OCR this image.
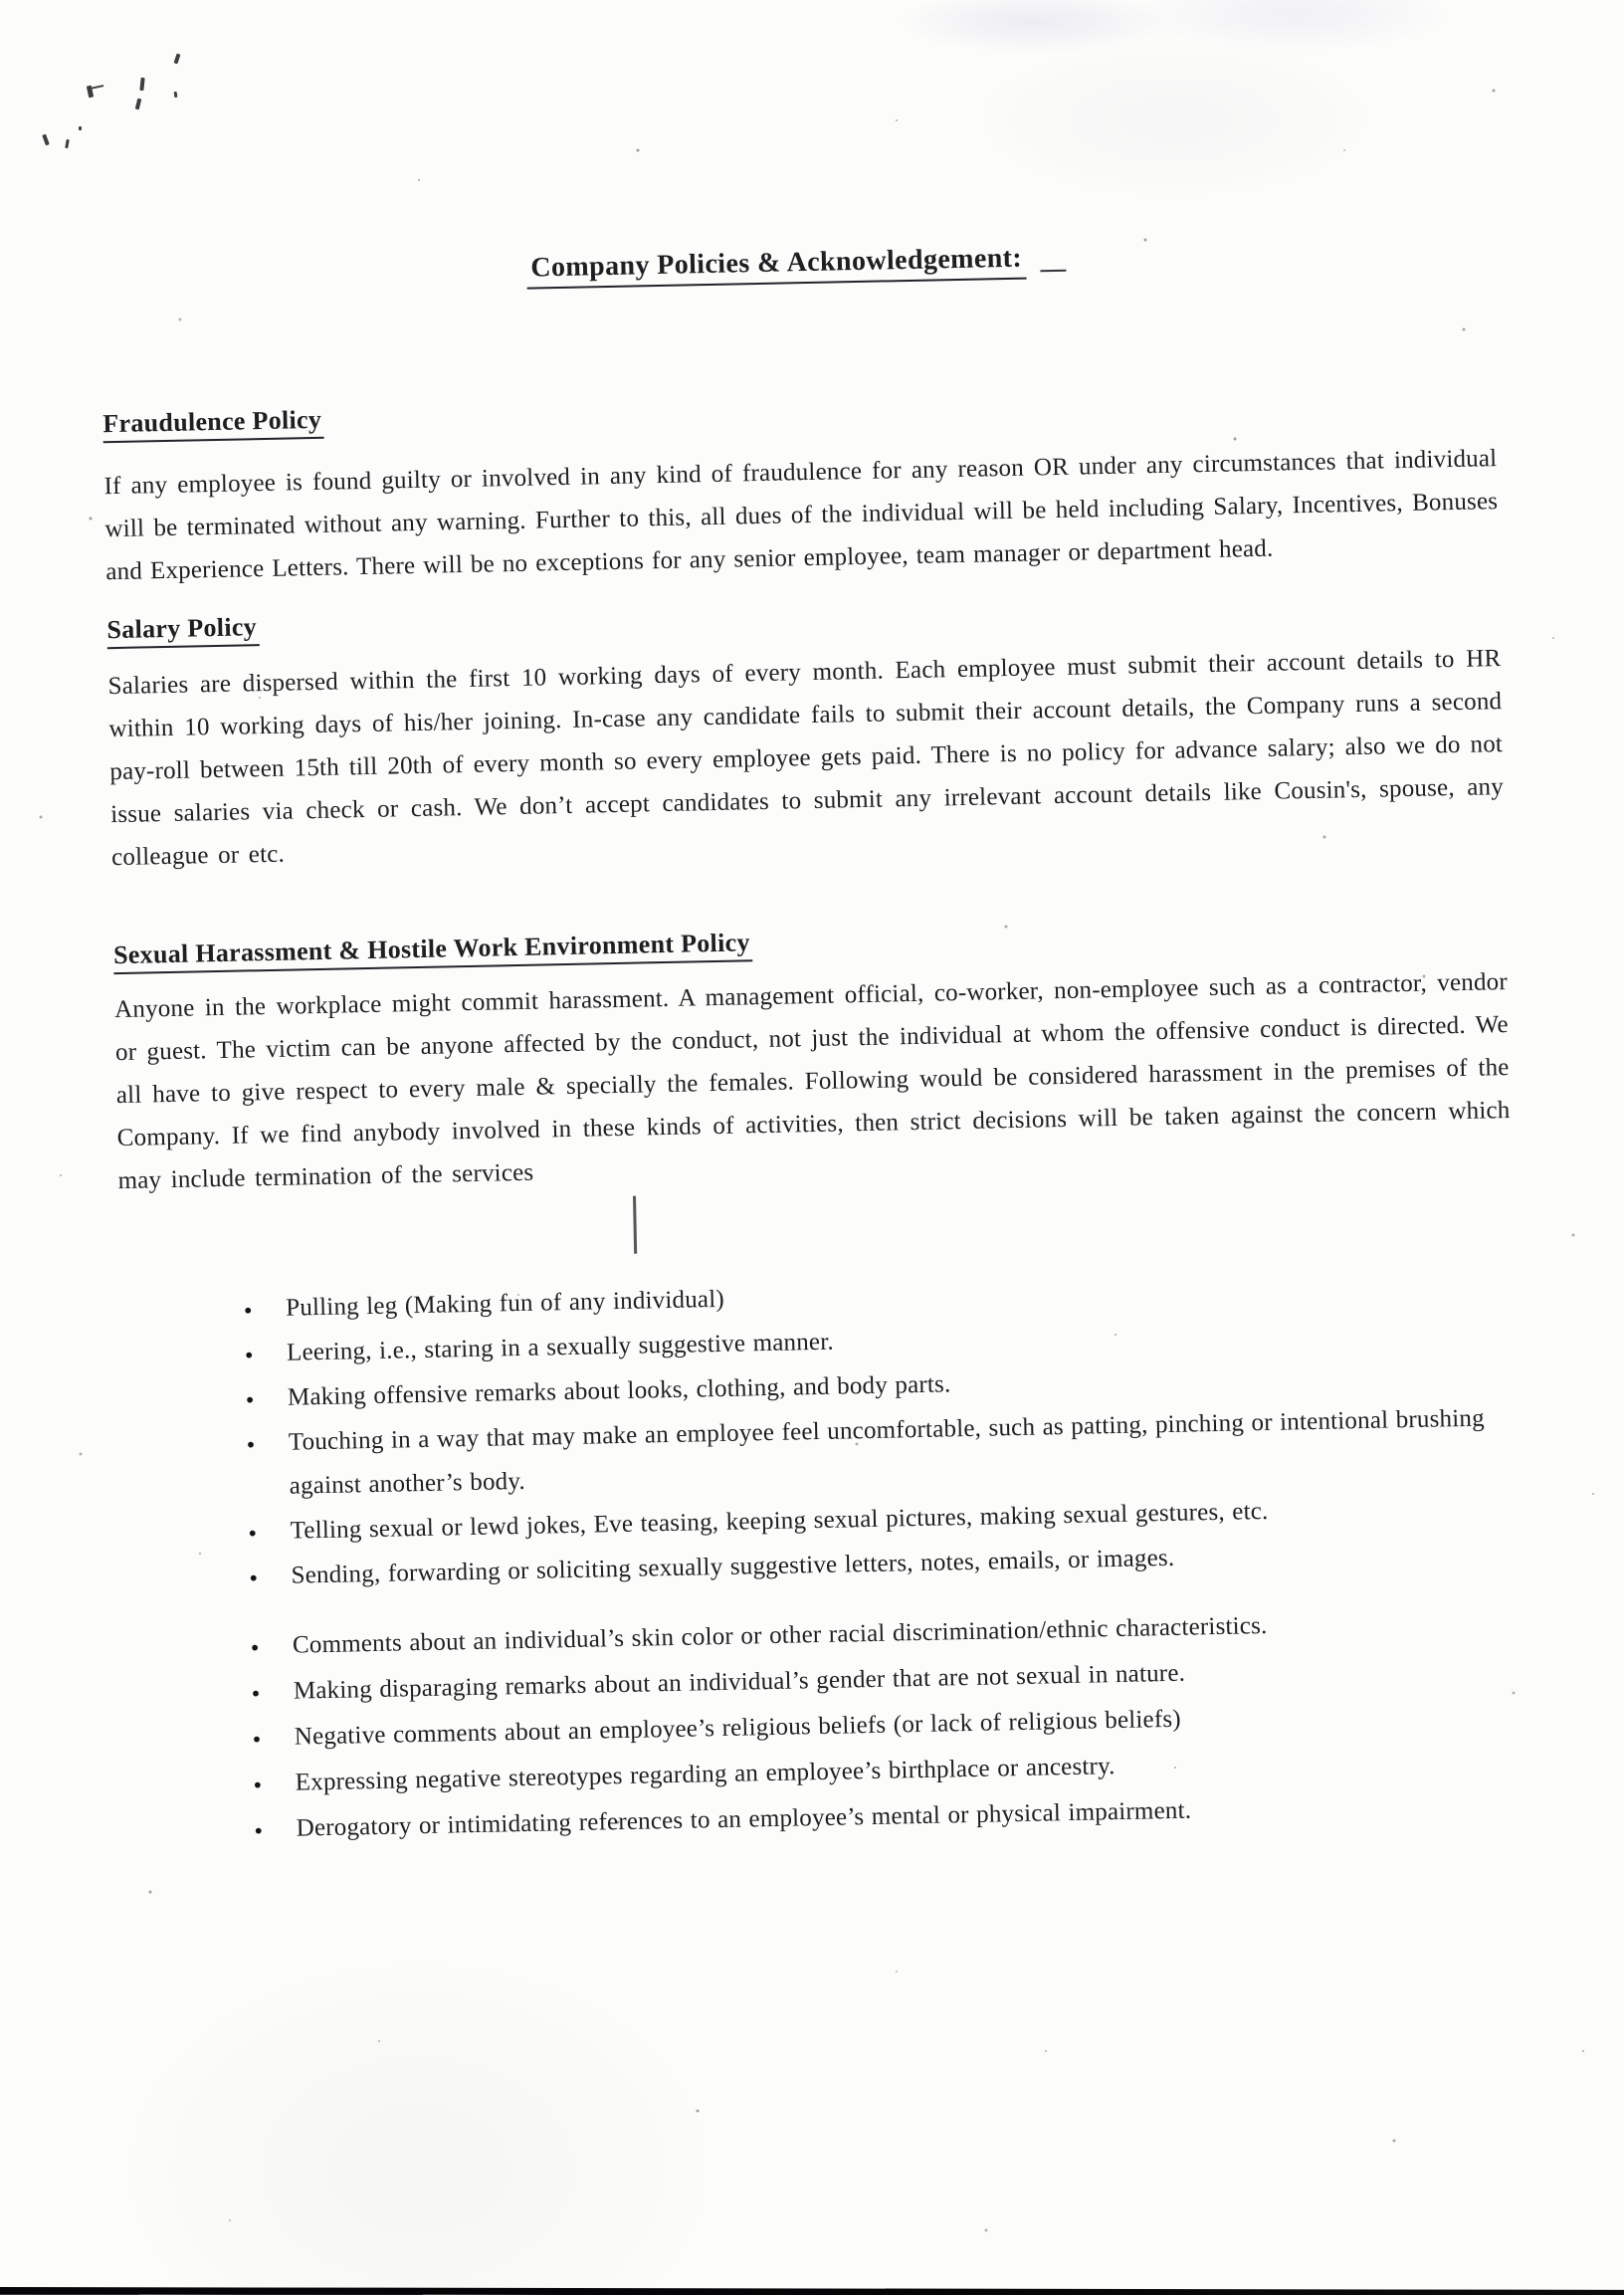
Company Policies & Acknowledgement:
Fraudulence Policy

If any employee is found guilty or involved in any kind of fraudulence for any reason OR under any circumstances that individual will be terminated without any warning. Further to this, all dues of the individual will be held including Salary, Incentives, Bonuses and Experience Letters. There will be no exceptions for any senior employee, team manager or department head.

Salary Policy

Salaries are dispersed within the first 10 working days of every month. Each employee must submit their account details to HR within 10 working days of his/her joining. In-case any candidate fails to submit their account details, the Company runs a second pay-roll between 15th till 20th of every month so every employee gets paid. There is no policy for advance salary; also we do not issue salaries via check or cash. We don’t accept candidates to submit any irrelevant account details like Cousin's, spouse, any colleague or etc.

Sexual Harassment & Hostile Work Environment Policy

Anyone in the workplace might commit harassment. A management official, co-worker, non-employee such as a contractor, vendor or guest. The victim can be anyone affected by the conduct, not just the individual at whom the offensive conduct is directed. We all have to give respect to every male & specially the females. Following would be considered harassment in the premises of the Company. If we find anybody involved in these kinds of activities, then strict decisions will be taken against the concern which may include termination of the services

● Pulling leg (Making fun of any individual)
● Leering, i.e., staring in a sexually suggestive manner.
● Making offensive remarks about looks, clothing, and body parts.
● Touching in a way that may make an employee feel uncomfortable, such as patting, pinching or intentional brushing against another’s body.
● Telling sexual or lewd jokes, Eve teasing, keeping sexual pictures, making sexual gestures, etc.
● Sending, forwarding or soliciting sexually suggestive letters, notes, emails, or images.
● Comments about an individual’s skin color or other racial discrimination/ethnic characteristics.
● Making disparaging remarks about an individual’s gender that are not sexual in nature.
● Negative comments about an employee’s religious beliefs (or lack of religious beliefs)
● Expressing negative stereotypes regarding an employee’s birthplace or ancestry.
● Derogatory or intimidating references to an employee’s mental or physical impairment.
